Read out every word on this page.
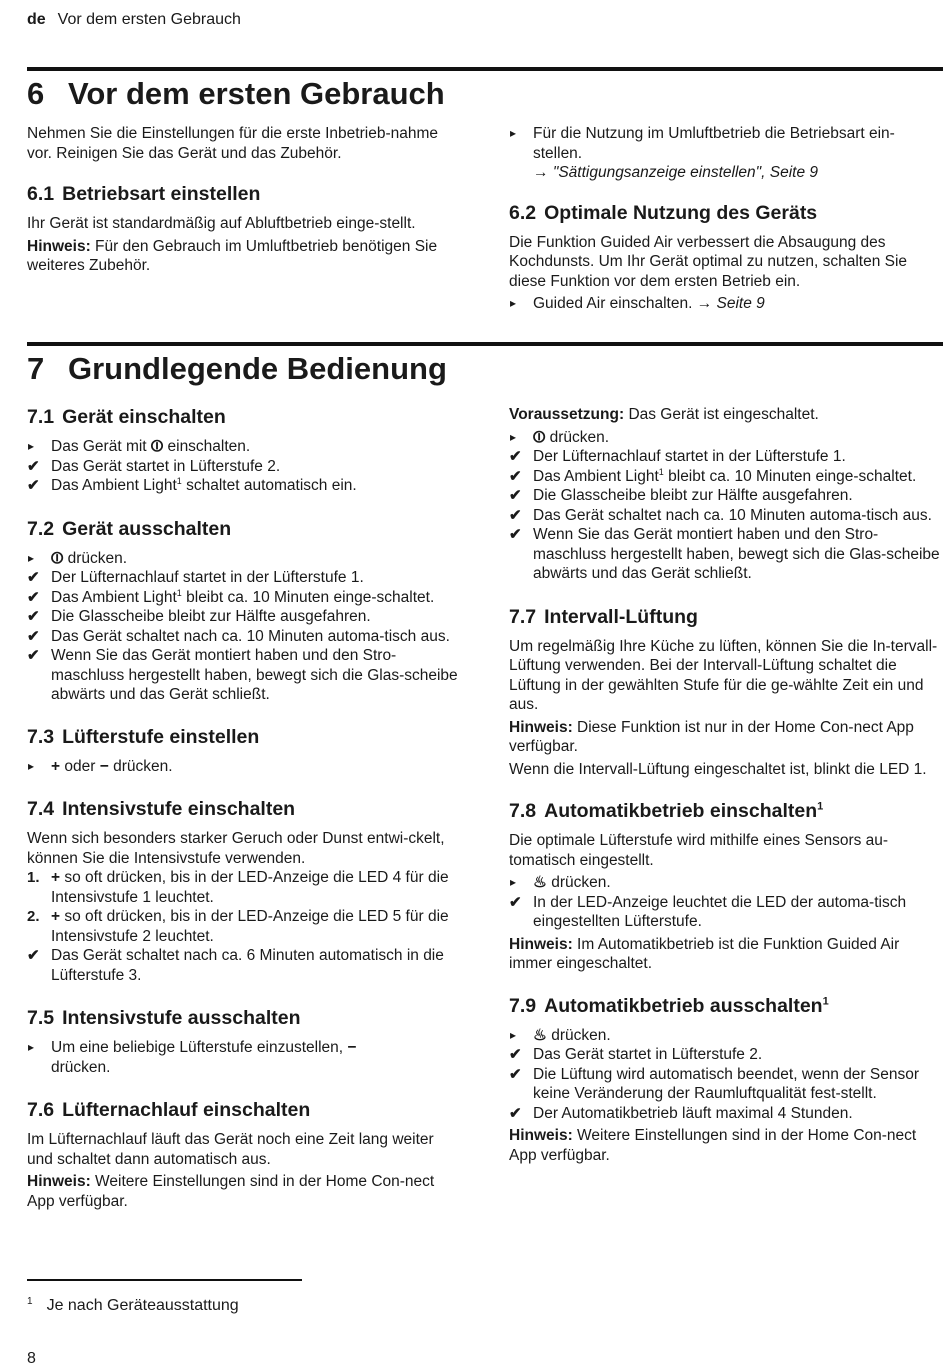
de Vor dem ersten Gebrauch
6 Vor dem ersten Gebrauch

Nehmen Sie die Einstellungen für die erste Inbetrieb-nahme vor. Reinigen Sie das Gerät und das Zubehör.

6.1 Betriebsart einstellen

Ihr Gerät ist standardmäßig auf Abluftbetrieb einge-stellt.

Hinweis: Für den Gebrauch im Umluftbetrieb benötigen Sie weiteres Zubehör.

▸ Für die Nutzung im Umluftbetrieb die Betriebsart ein-stellen.
→ "Sättigungsanzeige einstellen", Seite 9
6.2 Optimale Nutzung des Geräts

Die Funktion Guided Air verbessert die Absaugung des Kochdunsts. Um Ihr Gerät optimal zu nutzen, schalten Sie diese Funktion vor dem ersten Betrieb ein.

▸ Guided Air einschalten. → Seite 9
7 Grundlegende Bedienung
7.1 Gerät einschalten
▸ Das Gerät mit ⏼ einschalten.
✔ Das Gerät startet in Lüfterstufe 2.
✔ Das Ambient Light$^1$ schaltet automatisch ein.
7.2 Gerät ausschalten
▸ ⏼ drücken.
✔ Der Lüfternachlauf startet in der Lüfterstufe 1.
✔ Das Ambient Light$^1$ bleibt ca. 10 Minuten einge-schaltet.
✔ Die Glasscheibe bleibt zur Hälfte ausgefahren.
✔ Das Gerät schaltet nach ca. 10 Minuten automa-tisch aus.
✔ Wenn Sie das Gerät montiert haben und den Stro-maschluss hergestellt haben, bewegt sich die Glas-scheibe abwärts und das Gerät schließt.
7.3 Lüfterstufe einstellen
▸ + oder − drücken.
7.4 Intensivstufe einschalten

Wenn sich besonders starker Geruch oder Dunst entwi-ckelt, können Sie die Intensivstufe verwenden.

1. + so oft drücken, bis in der LED-Anzeige die LED 4 für die Intensivstufe 1 leuchtet.
2. + so oft drücken, bis in der LED-Anzeige die LED 5 für die Intensivstufe 2 leuchtet.
✔ Das Gerät schaltet nach ca. 6 Minuten automatisch in die Lüfterstufe 3.
7.5 Intensivstufe ausschalten
▸ Um eine beliebige Lüfterstufe einzustellen, −
drücken.
7.6 Lüfternachlauf einschalten

Im Lüfternachlauf läuft das Gerät noch eine Zeit lang weiter und schaltet dann automatisch aus.

Hinweis: Weitere Einstellungen sind in der Home Con-nect App verfügbar.

Voraussetzung: Das Gerät ist eingeschaltet.

▸ ⏼ drücken.
✔ Der Lüfternachlauf startet in der Lüfterstufe 1.
✔ Das Ambient Light$^1$ bleibt ca. 10 Minuten einge-schaltet.
✔ Die Glasscheibe bleibt zur Hälfte ausgefahren.
✔ Das Gerät schaltet nach ca. 10 Minuten automa-tisch aus.
✔ Wenn Sie das Gerät montiert haben und den Stro-maschluss hergestellt haben, bewegt sich die Glas-scheibe abwärts und das Gerät schließt.
7.7 Intervall-Lüftung

Um regelmäßig Ihre Küche zu lüften, können Sie die In-tervall-Lüftung verwenden. Bei der Intervall-Lüftung schaltet die Lüftung in der gewählten Stufe für die ge-wählte Zeit ein und aus.

Hinweis: Diese Funktion ist nur in der Home Con-nect App verfügbar.

Wenn die Intervall-Lüftung eingeschaltet ist, blinkt die LED 1.

7.8 Automatikbetrieb einschalten$^1$

Die optimale Lüfterstufe wird mithilfe eines Sensors au-tomatisch eingestellt.

▸ ♨ drücken.
✔ In der LED-Anzeige leuchtet die LED der automa-tisch eingestellten Lüfterstufe.

Hinweis: Im Automatikbetrieb ist die Funktion Guided Air immer eingeschaltet.

7.9 Automatikbetrieb ausschalten$^1$
▸ ♨ drücken.
✔ Das Gerät startet in Lüfterstufe 2.
✔ Die Lüftung wird automatisch beendet, wenn der Sensor keine Veränderung der Raumluftqualität fest-stellt.
✔ Der Automatikbetrieb läuft maximal 4 Stunden.

Hinweis: Weitere Einstellungen sind in der Home Con-nect App verfügbar.

$^1$ Je nach Geräteausstattung
8
